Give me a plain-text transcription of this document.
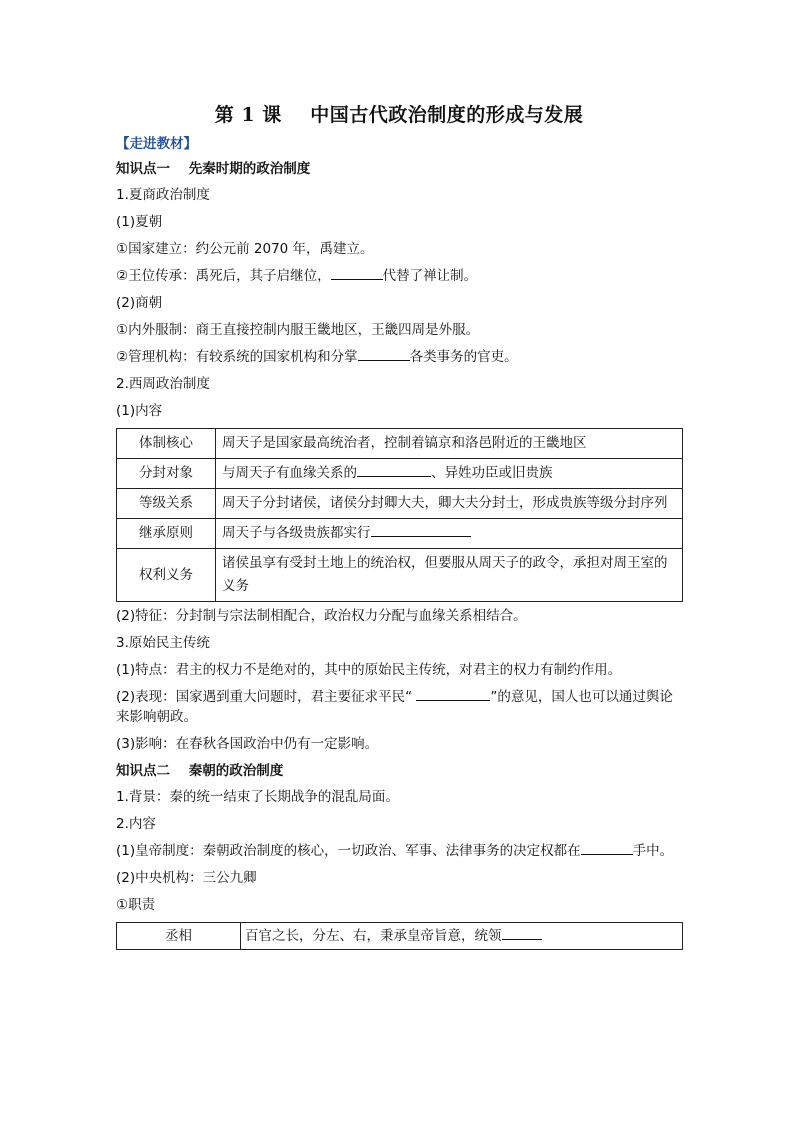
第 1 课    中国古代政治制度的形成与发展
【走进教材】
知识点一    先秦时期的政治制度
1.夏商政治制度
(1)夏朝
①国家建立：约公元前 2070 年，禹建立。
②王位传承：禹死后，其子启继位，	代替了禅让制。
(2)商朝
①内外服制：商王直接控制内服王畿地区，王畿四周是外服。
②管理机构：有较系统的国家机构和分掌	各类事务的官吏。
2.西周政治制度
(1)内容
体制核心	周天子是国家最高统治者，控制着镐京和洛邑附近的王畿地区
分封对象	与周天子有血缘关系的 、异姓功臣或旧贵族
等级关系	周天子分封诸侯，诸侯分封卿大夫，卿大夫分封士，形成贵族等级分封序列
继承原则	周天子与各级贵族都实行
权利义务	诸侯虽享有受封土地上的统治权，但要服从周天子的政令，承担对周王室的义务
(2)特征：分封制与宗法制相配合，政治权力分配与血缘关系相结合。
3.原始民主传统
(1)特点：君主的权力不是绝对的，其中的原始民主传统，对君主的权力有制约作用。
(2)表现：国家遇到重大问题时，君主要征求平民“	”的意见，国人也可以通过舆论来影响朝政。
(3)影响：在春秋各国政治中仍有一定影响。
知识点二    秦朝的政治制度
1.背景：秦的统一结束了长期战争的混乱局面。
2.内容
(1)皇帝制度：秦朝政治制度的核心，一切政治、军事、法律事务的决定权都在	手中。
(2)中央机构：三公九卿
①职责
丞相	百官之长，分左、右，秉承皇帝旨意，统领
